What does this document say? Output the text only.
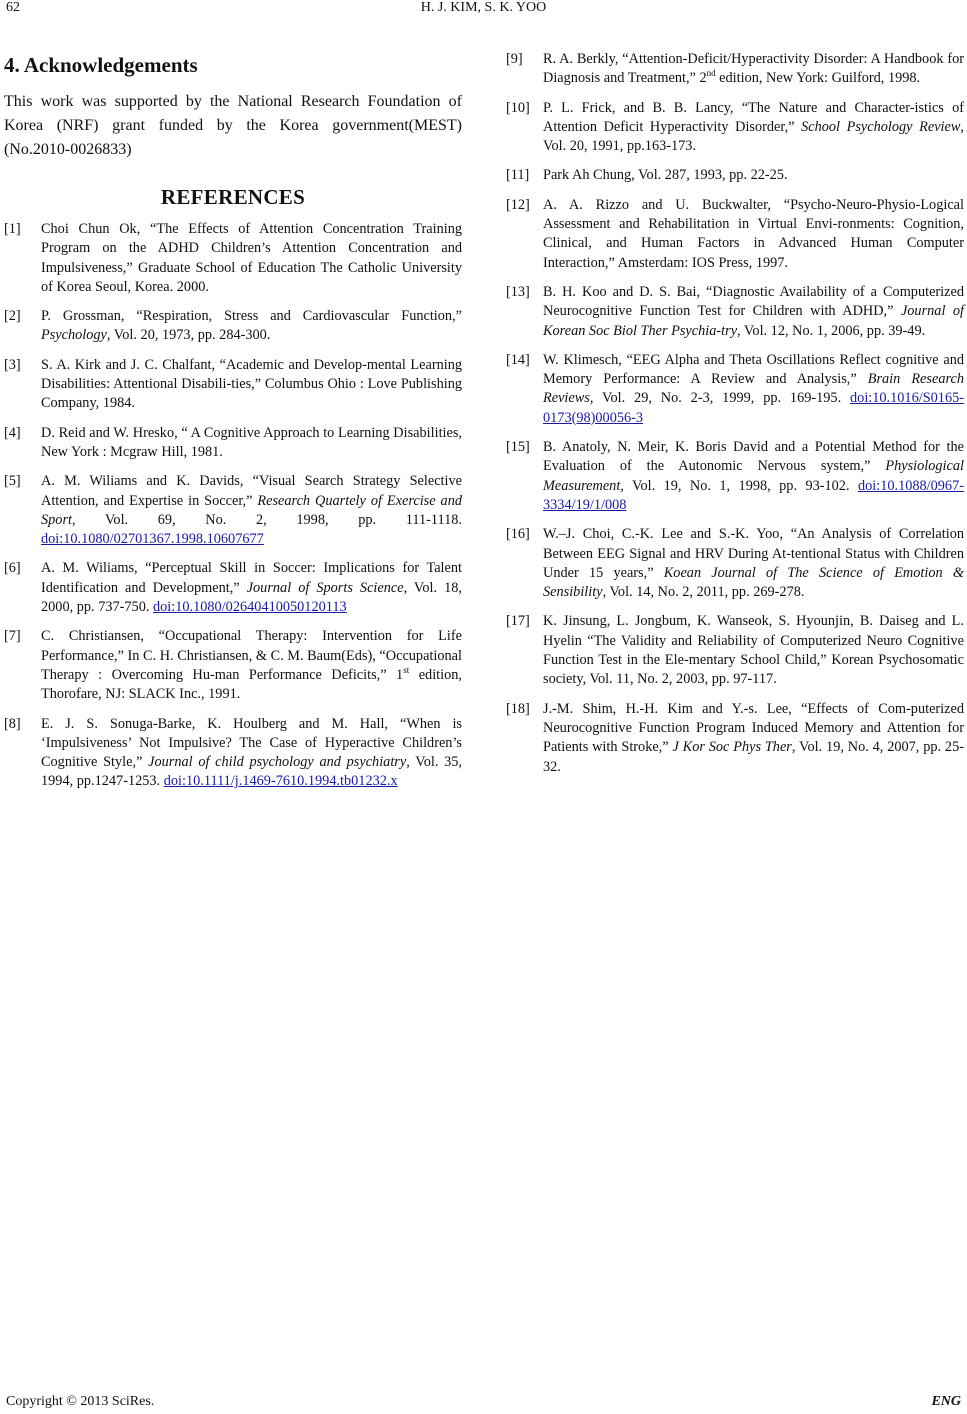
62	H. J. KIM, S. K. YOO
4. Acknowledgements

This work was supported by the National Research Foundation of Korea (NRF) grant funded by the Korea government(MEST) (No.2010-0026833)

REFERENCES
[1] Choi Chun Ok, “The Effects of Attention Concentration Training Program on the ADHD Children’s Attention Concentration and Impulsiveness,” Graduate School of Education The Catholic University of Korea Seoul, Korea. 2000.
[2] P. Grossman, “Respiration, Stress and Cardiovascular Function,” Psychology, Vol. 20, 1973, pp. 284-300.
[3] S. A. Kirk and J. C. Chalfant, “Academic and Develop-mental Learning Disabilities: Attentional Disabili-ties,” Columbus Ohio : Love Publishing Company, 1984.
[4] D. Reid and W. Hresko, “ A Cognitive Approach to Learning Disabilities, New York : Mcgraw Hill, 1981.
[5] A. M. Wiliams and K. Davids, “Visual Search Strategy Selective Attention, and Expertise in Soccer,” Research Quartely of Exercise and Sport, Vol. 69, No. 2, 1998, pp. 111-1118. doi:10.1080/02701367.1998.10607677
[6] A. M. Wiliams, “Perceptual Skill in Soccer: Implications for Talent Identification and Development,” Journal of Sports Science, Vol. 18, 2000, pp. 737-750. doi:10.1080/02640410050120113
[7] C. Christiansen, “Occupational Therapy: Intervention for Life Performance,” In C. H. Christiansen, & C. M. Baum(Eds), “Occupational Therapy : Overcoming Hu-man Performance Deficits,” 1st edition, Thorofare, NJ: SLACK Inc., 1991.
[8] E. J. S. Sonuga-Barke, K. Houlberg and M. Hall, “When is ‘Impulsiveness’ Not Impulsive? The Case of Hyperactive Children’s Cognitive Style,” Journal of child psychology and psychiatry, Vol. 35, 1994, pp.1247-1253. doi:10.1111/j.1469-7610.1994.tb01232.x
[9] R. A. Berkly, “Attention-Deficit/Hyperactivity Disorder: A Handbook for Diagnosis and Treatment,” 2nd edition, New York: Guilford, 1998.
[10] P. L. Frick, and B. B. Lancy, “The Nature and Character-istics of Attention Deficit Hyperactivity Disorder,” School Psychology Review, Vol. 20, 1991, pp.163-173.
[11] Park Ah Chung, Vol. 287, 1993, pp. 22-25.
[12] A. A. Rizzo and U. Buckwalter, “Psycho-Neuro-Physio-Logical Assessment and Rehabilitation in Virtual Envi-ronments: Cognition, Clinical, and Human Factors in Advanced Human Computer Interaction,” Amsterdam: IOS Press, 1997.
[13] B. H. Koo and D. S. Bai, “Diagnostic Availability of a Computerized Neurocognitive Function Test for Children with ADHD,” Journal of Korean Soc Biol Ther Psychia-try, Vol. 12, No. 1, 2006, pp. 39-49.
[14] W. Klimesch, “EEG Alpha and Theta Oscillations Reflect cognitive and Memory Performance: A Review and Analysis,” Brain Research Reviews, Vol. 29, No. 2-3, 1999, pp. 169-195. doi:10.1016/S0165-0173(98)00056-3
[15] B. Anatoly, N. Meir, K. Boris David and a Potential Method for the Evaluation of the Autonomic Nervous system,” Physiological Measurement, Vol. 19, No. 1, 1998, pp. 93-102. doi:10.1088/0967-3334/19/1/008
[16] W.–J. Choi, C.-K. Lee and S.-K. Yoo, “An Analysis of Correlation Between EEG Signal and HRV During At-tentional Status with Children Under 15 years,” Koean Journal of The Science of Emotion & Sensibility, Vol. 14, No. 2, 2011, pp. 269-278.
[17] K. Jinsung, L. Jongbum, K. Wanseok, S. Hyounjin, B. Daiseg and L. Hyelin “The Validity and Reliability of Computerized Neuro Cognitive Function Test in the Ele-mentary School Child,” Korean Psychosomatic society, Vol. 11, No. 2, 2003, pp. 97-117.
[18] J.-M. Shim, H.-H. Kim and Y.-s. Lee, “Effects of Com-puterized Neurocognitive Function Program Induced Memory and Attention for Patients with Stroke,” J Kor Soc Phys Ther, Vol. 19, No. 4, 2007, pp. 25-32.
Copyright © 2013 SciRes.	ENG
